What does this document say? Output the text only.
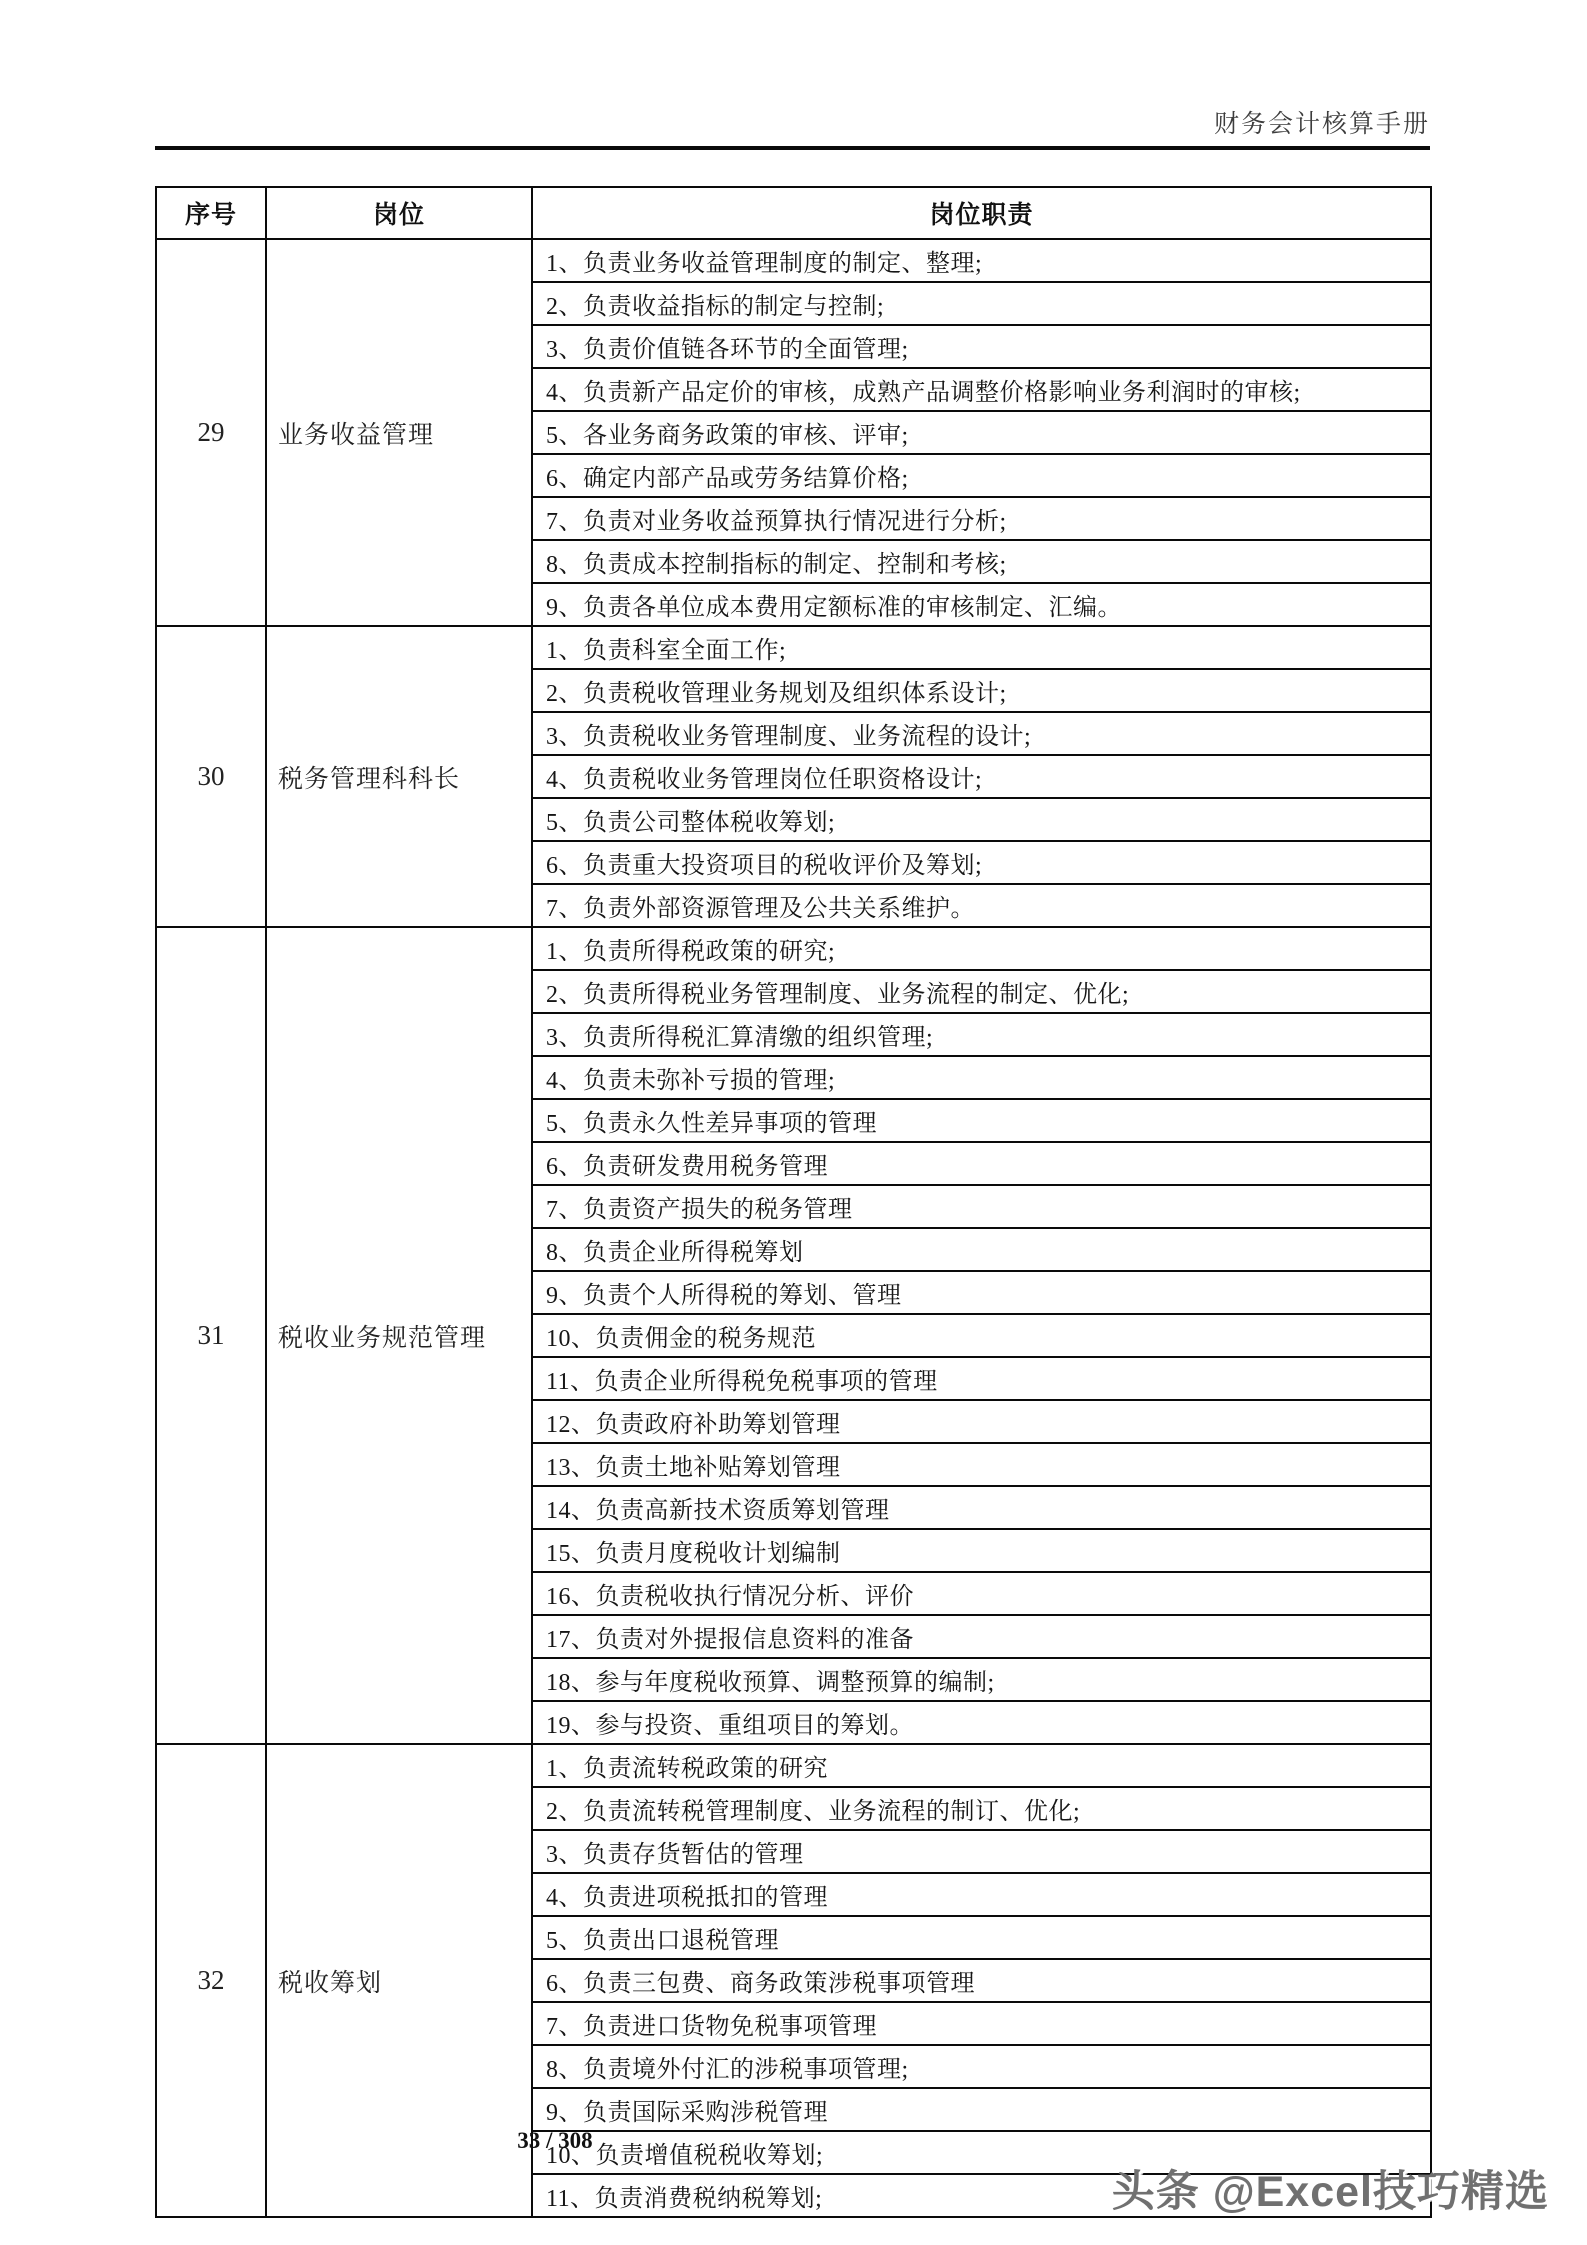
财务会计核算手册
序号	岗位	岗位职责
29	业务收益管理	1、负责业务收益管理制度的制定、整理;
		2、负责收益指标的制定与控制;
		3、负责价值链各环节的全面管理;
		4、负责新产品定价的审核，成熟产品调整价格影响业务利润时的审核;
		5、各业务商务政策的审核、评审;
		6、确定内部产品或劳务结算价格;
		7、负责对业务收益预算执行情况进行分析;
		8、负责成本控制指标的制定、控制和考核;
		9、负责各单位成本费用定额标准的审核制定、汇编。
30	税务管理科科长	1、负责科室全面工作;
		2、负责税收管理业务规划及组织体系设计;
		3、负责税收业务管理制度、业务流程的设计;
		4、负责税收业务管理岗位任职资格设计;
		5、负责公司整体税收筹划;
		6、负责重大投资项目的税收评价及筹划;
		7、负责外部资源管理及公共关系维护。
31	税收业务规范管理	1、负责所得税政策的研究;
		2、负责所得税业务管理制度、业务流程的制定、优化;
		3、负责所得税汇算清缴的组织管理;
		4、负责未弥补亏损的管理;
		5、负责永久性差异事项的管理
		6、负责研发费用税务管理
		7、负责资产损失的税务管理
		8、负责企业所得税筹划
		9、负责个人所得税的筹划、管理
		10、负责佣金的税务规范
		11、负责企业所得税免税事项的管理
		12、负责政府补助筹划管理
		13、负责土地补贴筹划管理
		14、负责高新技术资质筹划管理
		15、负责月度税收计划编制
		16、负责税收执行情况分析、评价
		17、负责对外提报信息资料的准备
		18、参与年度税收预算、调整预算的编制;
		19、参与投资、重组项目的筹划。
32	税收筹划	1、负责流转税政策的研究
		2、负责流转税管理制度、业务流程的制订、优化;
		3、负责存货暂估的管理
		4、负责进项税抵扣的管理
		5、负责出口退税管理
		6、负责三包费、商务政策涉税事项管理
		7、负责进口货物免税事项管理
		8、负责境外付汇的涉税事项管理;
		9、负责国际采购涉税管理
		10、负责增值税税收筹划;
		11、负责消费税纳税筹划;
33 / 308
头条 @Excel技巧精选
